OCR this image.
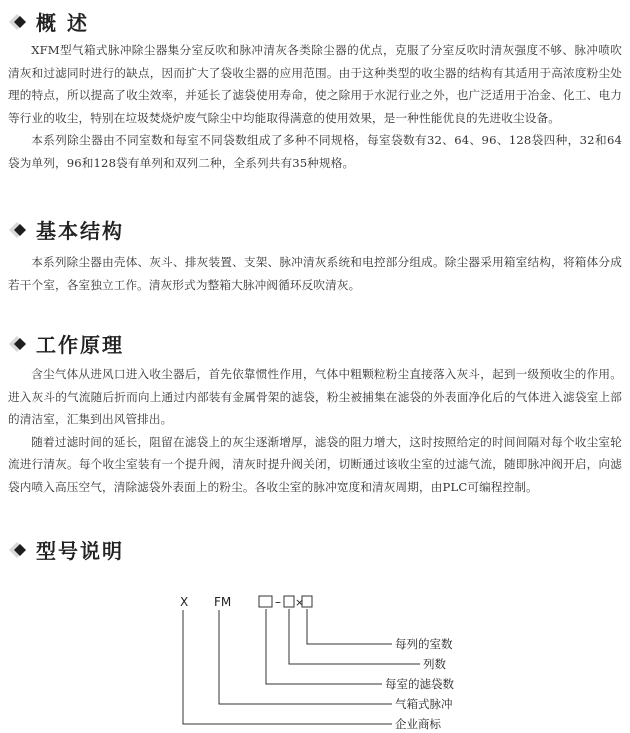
概 述

XFM型气箱式脉冲除尘器集分室反吹和脉冲清灰各类除尘器的优点，克服了分室反吹时清灰强度不够、脉冲喷吹清灰和过滤同时进行的缺点，因而扩大了袋收尘器的应用范围。由于这种类型的收尘器的结构有其适用于高浓度粉尘处理的特点，所以提高了收尘效率，并延长了滤袋使用寿命，使之除用于水泥行业之外，也广泛适用于冶金、化工、电力等行业的收尘，特别在垃圾焚烧炉废气除尘中均能取得满意的使用效果，是一种性能优良的先进收尘设备。

本系列除尘器由不同室数和每室不同袋数组成了多种不同规格，每室袋数有32、64、96、128袋四种，32和64袋为单列，96和128袋有单列和双列二种，全系列共有35种规格。

基本结构

本系列除尘器由壳体、灰斗、排灰装置、支架、脉冲清灰系统和电控部分组成。除尘器采用箱室结构，将箱体分成若干个室，各室独立工作。清灰形式为整箱大脉冲阀循环反吹清灰。

工作原理

含尘气体从进风口进入收尘器后，首先依靠惯性作用，气体中粗颗粒粉尘直接落入灰斗，起到一级预收尘的作用。进入灰斗的气流随后折而向上通过内部装有金属骨架的滤袋，粉尘被捕集在滤袋的外表面净化后的气体进入滤袋室上部的清洁室，汇集到出风管排出。

随着过滤时间的延长，阻留在滤袋上的灰尘逐渐增厚，滤袋的阻力增大，这时按照给定的时间间隔对每个收尘室轮流进行清灰。每个收尘室装有一个提升阀，清灰时提升阀关闭，切断通过该收尘室的过滤气流，随即脉冲阀开启，向滤袋内喷入高压空气，清除滤袋外表面上的粉尘。各收尘室的脉冲宽度和清灰周期，由PLC可编程控制。

型号说明
X FM	– ×
每列的室数
列数
每室的滤袋数
气箱式脉冲
企业商标
